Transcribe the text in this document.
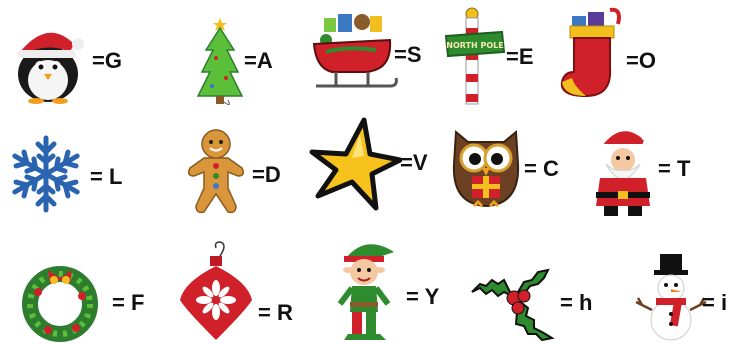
=G	=A	=S	NORTH POLE =E	=O
= L	=D	=V	= C	= T
= F	= R
= Y	= h	= i
